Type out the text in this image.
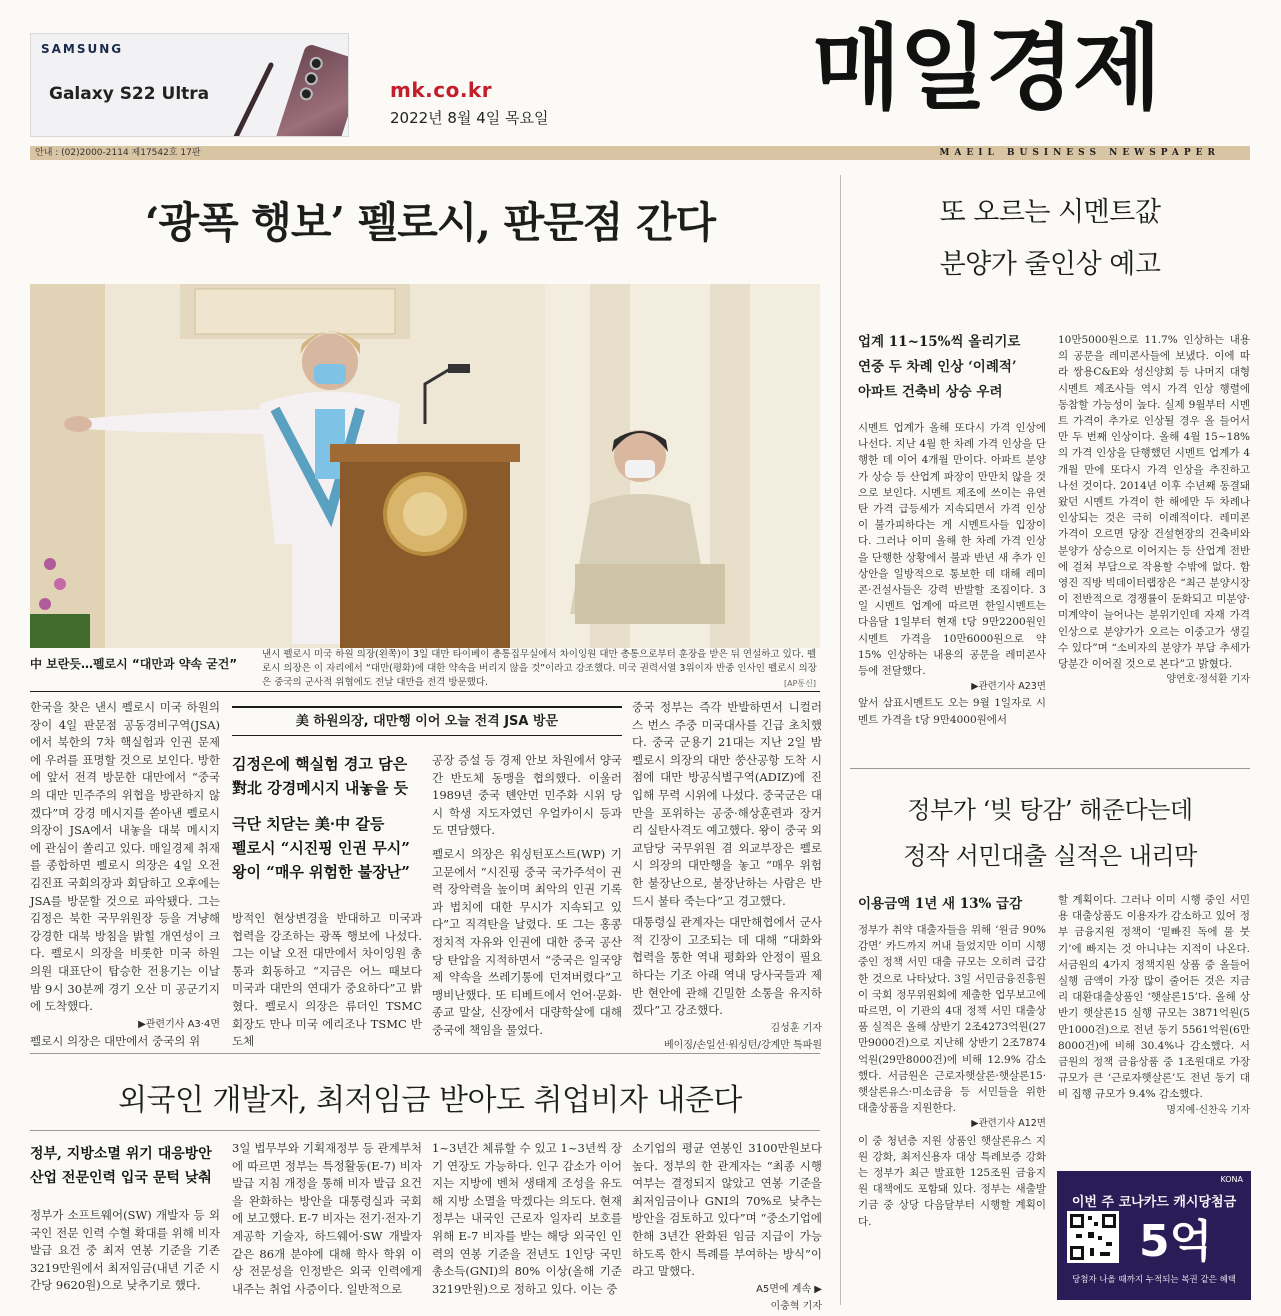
SAMSUNG
Galaxy S22 Ultra	mk.co.kr
2022년 8월 4일 목요일	매일경제
안내 : (02)2000-2114 제17542호 17판	MAEIL BUSINESS NEWSPAPER
‘광폭 행보’ 펠로시, 판문점 간다
中 보란듯…펠로시 “대만과 약속 굳건”
낸시 펠로시 미국 하원 의장(왼쪽)이 3일 대만 타이베이 총통집무실에서 차이잉원 대만 총통으로부터 훈장을 받은 뒤 연설하고 있다. 펠로시 의장은 이 자리에서 “대만(평화)에 대한 약속을 버리지 않을 것”이라고 강조했다. 미국 권력서열 3위이자 반중 인사인 펠로시 의장은 중국의 군사적 위협에도 전날 대만을 전격 방문했다.	[AP통신]
한국을 찾은 낸시 펠로시 미국 하원의장이 4일 판문점 공동경비구역(JSA)에서 북한의 7차 핵실험과 인권 문제에 우려를 표명할 것으로 보인다. 방한에 앞서 전격 방문한 대만에서 “중국의 대만 민주주의 위협을 방관하지 않겠다”며 강경 메시지를 쏟아낸 펠로시 의장이 JSA에서 내놓을 대북 메시지에 관심이 쏠리고 있다. 매일경제 취재를 종합하면 펠로시 의장은 4일 오전 김진표 국회의장과 회담하고 오후에는 JSA를 방문할 것으로 파악됐다. 그는 김정은 북한 국무위원장 등을 겨냥해 강경한 대북 방침을 밝힐 개연성이 크다. 펠로시 의장을 비롯한 미국 하원 의원 대표단이 탑승한 전용기는 이날 밤 9시 30분께 경기 오산 미 공군기지에 도착했다.
▶관련기사 A3·4면
펠로시 의장은 대만에서 중국의 위
美 하원의장, 대만행 이어 오늘 전격 JSA 방문
김정은에 핵실험 경고 담은
對北 강경메시지 내놓을 듯
극단 치닫는 美·中 갈등
펠로시 “시진핑 인권 무시”
왕이 “매우 위험한 불장난”
방적인 현상변경을 반대하고 미국과 협력을 강조하는 광폭 행보에 나섰다. 그는 이날 오전 대만에서 차이잉원 총통과 회동하고 “지금은 어느 때보다 미국과 대만의 연대가 중요하다”고 밝혔다. 펠로시 의장은 류더인 TSMC 회장도 만나 미국 에리조나 TSMC 반도체
공장 증설 등 경제 안보 차원에서 양국간 반도체 동맹을 협의했다. 이울러 1989년 중국 톈안먼 민주화 시위 당시 학생 지도자였던 우얼카이시 등과도 면담했다.
펠로시 의장은 워싱턴포스트(WP) 기고문에서 “시진핑 중국 국가주석이 권력 장악력을 높이며 최악의 인권 기록과 법치에 대한 무시가 지속되고 있다”고 직격탄을 날렸다. 또 그는 홍콩 정치적 자유와 인권에 대한 중국 공산당 탄압을 지적하면서 “중국은 일국양제 약속을 쓰레기통에 던져버렸다”고 맹비난했다. 또 티베트에서 언어·문화·종교 말살, 신장에서 대량학살에 대해 중국에 책임을 물었다.
중국 정부는 즉각 반발하면서 니컬러스 번스 주중 미국대사를 긴급 초치했다. 중국 군용기 21대는 지난 2일 밤 펠로시 의장의 대만 쑹산공항 도착 시점에 대만 방공식별구역(ADIZ)에 진입해 무력 시위에 나섰다. 중국군은 대만을 포위하는 공중·해상훈련과 장거리 실탄사격도 예고했다. 왕이 중국 외교담당 국무위원 겸 외교부장은 펠로시 의장의 대만행을 놓고 “매우 위험한 불장난으로, 불장난하는 사람은 반드시 불타 죽는다”고 경고했다.
대통령실 관계자는 대만해협에서 군사적 긴장이 고조되는 데 대해 “대화와 협력을 통한 역내 평화와 안정이 필요하다는 기조 아래 역내 당사국들과 제반 현안에 관해 긴밀한 소통을 유지하겠다”고 강조했다.
김성훈 기자
베이징/손일선·워싱턴/강계만 특파원
외국인 개발자, 최저임금 받아도 취업비자 내준다
정부, 지방소멸 위기 대응방안
산업 전문인력 입국 문턱 낮춰
정부가 소프트웨어(SW) 개발자 등 외국인 전문 인력 수혈 확대를 위해 비자 발급 요건 중 최저 연봉 기준을 기존 3219만원에서 최저임금(내년 기준 시간당 9620원)으로 낮추기로 했다.
3일 법무부와 기획재정부 등 관계부처에 따르면 정부는 특정활동(E-7) 비자 발급 지침 개정을 통해 비자 발급 요건을 완화하는 방안을 대통령실과 국회에 보고했다. E-7 비자는 전기·전자·기계공학 기술자, 하드웨어·SW 개발자 같은 86개 분야에 대해 학사 학위 이상 전문성을 인정받은 외국 인력에게 내주는 취업 사증이다. 일반적으로
1~3년간 체류할 수 있고 1~3년씩 장기 연장도 가능하다. 인구 감소가 이어지는 지방에 벤처 생태계 조성을 유도해 지방 소멸을 막겠다는 의도다. 현재 정부는 내국인 근로자 일자리 보호를 위해 E-7 비자를 받는 해당 외국인 인력의 연봉 기준을 전년도 1인당 국민총소득(GNI)의 80% 이상(올해 기준 3219만원)으로 정하고 있다. 이는 중
소기업의 평균 연봉인 3100만원보다 높다. 정부의 한 관계자는 “최종 시행 여부는 결정되지 않았고 연봉 기준을 최저임금이나 GNI의 70%로 낮추는 방안을 검토하고 있다”며 “중소기업에 한해 3년간 완화된 임금 지급이 가능하도록 한시 특례를 부여하는 방식”이라고 말했다.
A5면에 계속 ▶
이충혁 기자
또 오르는 시멘트값
분양가 줄인상 예고
업계 11~15%씩 올리기로
연중 두 차례 인상 ‘이례적’
아파트 건축비 상승 우려
시멘트 업계가 올해 또다시 가격 인상에 나선다. 지난 4월 한 차례 가격 인상을 단행한 데 이어 4개월 만이다. 아파트 분양가 상승 등 산업계 파장이 만만치 않을 것으로 보인다. 시멘트 제조에 쓰이는 유연탄 가격 급등세가 지속되면서 가격 인상이 불가피하다는 게 시멘트사들 입장이다. 그러나 이미 올해 한 차례 가격 인상을 단행한 상황에서 불과 반년 새 추가 인상안을 일방적으로 통보한 데 대해 레미콘·건설사들은 강력 반발할 조짐이다. 3일 시멘트 업계에 따르면 한일시멘트는 다음달 1일부터 현재 t당 9만2200원인 시멘트 가격을 10만6000원으로 약 15% 인상하는 내용의 공문을 레미콘사 등에 전달했다.
▶관련기사 A23면
앞서 삼표시멘트도 오는 9월 1일자로 시멘트 가격을 t당 9만4000원에서
10만5000원으로 11.7% 인상하는 내용의 공문을 레미콘사들에 보냈다. 이에 따라 쌍용C&E와 성신양회 등 나머지 대형 시멘트 제조사들 역시 가격 인상 행렬에 동참할 가능성이 높다. 실제 9월부터 시멘트 가격이 추가로 인상될 경우 올 들어서만 두 번째 인상이다. 올해 4월 15~18%의 가격 인상을 단행했던 시멘트 업계가 4개월 만에 또다시 가격 인상을 추진하고 나선 것이다. 2014년 이후 수년째 동결돼왔던 시멘트 가격이 한 해에만 두 차례나 인상되는 것은 극히 이례적이다. 레미콘 가격이 오르면 당장 건설현장의 건축비와 분양가 상승으로 이어지는 등 산업계 전반에 걸쳐 부담으로 작용할 수밖에 없다. 함영진 직방 빅데이터랩장은 “최근 분양시장이 전반적으로 경쟁률이 둔화되고 미분양·미계약이 늘어나는 분위기인데 자재 가격 인상으로 분양가가 오르는 이중고가 생길 수 있다”며 “소비자의 분양가 부담 추세가 당분간 이어질 것으로 본다”고 밝혔다.
양연호·정석환 기자
정부가 ‘빚 탕감’ 해준다는데
정작 서민대출 실적은 내리막
이용금액 1년 새 13% 급감
정부가 취약 대출자들을 위해 ‘원금 90% 감면’ 카드까지 꺼내 들었지만 이미 시행 중인 정책 서민 대출 규모는 오히려 급감한 것으로 나타났다. 3일 서민금융진흥원이 국회 정무위원회에 제출한 업무보고에 따르면, 이 기관의 4대 정책 서민 대출상품 실적은 올해 상반기 2조4273억원(27만9000건)으로 지난해 상반기 2조7874억원(29만8000건)에 비해 12.9% 감소했다. 서금원은 근로자햇살론·햇살론15·햇살론유스·미소금융 등 서민들을 위한 대출상품을 지원한다.
▶관련기사 A12면
이 중 청년층 지원 상품인 햇살론유스 지원 강화, 최저신용자 대상 특례보증 강화는 정부가 최근 발표한 125조원 금융지원 대책에도 포함돼 있다. 정부는 새출발기금 중 상당 다음달부터 시행할 계획이다.
할 계획이다. 그러나 이미 시행 중인 서민용 대출상품도 이용자가 감소하고 있어 정부 금융지원 정책이 ‘밑빠진 독에 물 붓기’에 빠지는 것 아니냐는 지적이 나온다. 서금원의 4가지 정책지원 상품 중 올들어 실행 금액이 가장 많이 줄어든 것은 지금리 대환대출상품인 ‘햇살론15’다. 올해 상반기 햇살론15 실행 규모는 3871억원(5만1000건)으로 전년 동기 5561억원(6만8000건)에 비해 30.4%나 감소했다. 서금원의 정책 금융상품 중 1조원대로 가장 규모가 큰 ‘근로자햇살론’도 전년 동기 대비 집행 규모가 9.4% 감소했다.
명지예·신찬옥 기자
KONA
이번 주 코나카드 캐시당첨금
5억
당첨자 나올 때까지 누적되는 복권 같은 혜택
